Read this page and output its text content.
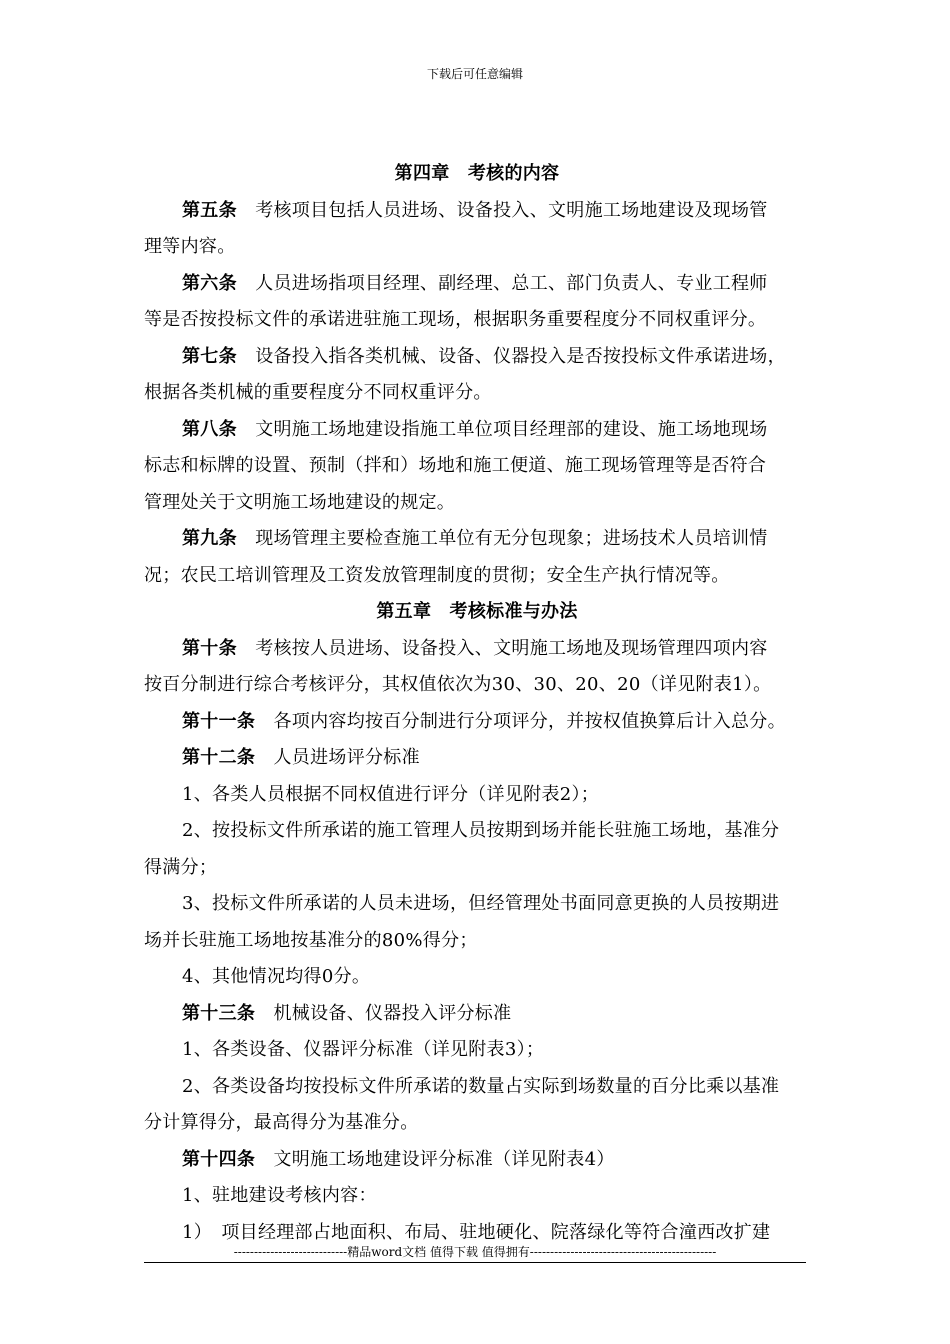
下载后可任意编辑
第四章　考核的内容
第五条　考核项目包括人员进场、设备投入、文明施工场地建设及现场管
理等内容。
第六条　人员进场指项目经理、副经理、总工、部门负责人、专业工程师
等是否按投标文件的承诺进驻施工现场，根据职务重要程度分不同权重评分。
第七条　设备投入指各类机械、设备、仪器投入是否按投标文件承诺进场，
根据各类机械的重要程度分不同权重评分。
第八条　文明施工场地建设指施工单位项目经理部的建设、施工场地现场
标志和标牌的设置、预制（拌和）场地和施工便道、施工现场管理等是否符合
管理处关于文明施工场地建设的规定。
第九条　现场管理主要检查施工单位有无分包现象；进场技术人员培训情
况；农民工培训管理及工资发放管理制度的贯彻；安全生产执行情况等。
第五章　考核标准与办法
第十条　考核按人员进场、设备投入、文明施工场地及现场管理四项内容
按百分制进行综合考核评分，其权值依次为30、30、20、20（详见附表1）。
第十一条　各项内容均按百分制进行分项评分，并按权值换算后计入总分。
第十二条　人员进场评分标准
1、各类人员根据不同权值进行评分（详见附表2）；
2、按投标文件所承诺的施工管理人员按期到场并能长驻施工场地，基准分
得满分；
3、投标文件所承诺的人员未进场，但经管理处书面同意更换的人员按期进
场并长驻施工场地按基准分的80%得分；
4、其他情况均得0分。
第十三条　机械设备、仪器投入评分标准
1、各类设备、仪器评分标准（详见附表3）；
2、各类设备均按投标文件所承诺的数量占实际到场数量的百分比乘以基准
分计算得分，最高得分为基准分。
第十四条　文明施工场地建设评分标准（详见附表4）
1、驻地建设考核内容：
1）　项目经理部占地面积、布局、驻地硬化、院落绿化等符合潼西改扩建
----------------------------精品word文档 值得下载 值得拥有----------------------------------------------
